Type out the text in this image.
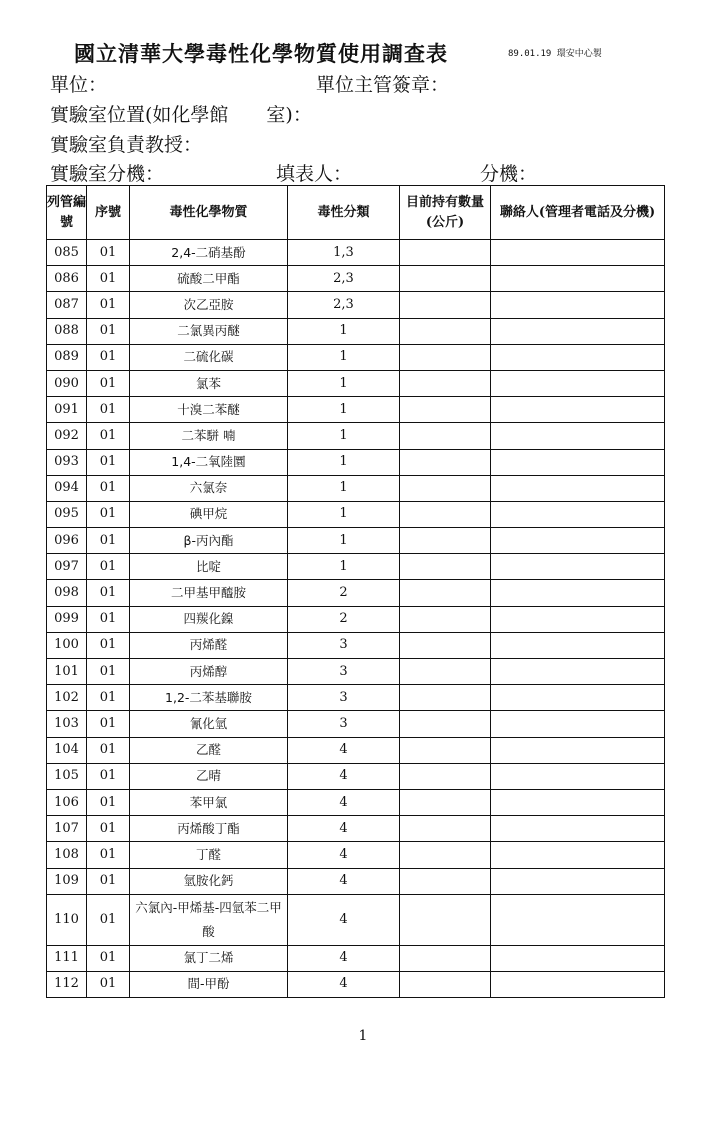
國立清華大學毒性化學物質使用調查表	89.01.19 環安中心製
單位：	單位主管簽章：
實驗室位置(如化學館　　室)：
實驗室負責教授：
實驗室分機：	填表人：	分機：
列管編號	序號	毒性化學物質	毒性分類	目前持有數量(公斤)	聯絡人(管理者電話及分機)
085	01	2,4-二硝基酚	1,3		
086	01	硫酸二甲酯	2,3		
087	01	次乙亞胺	2,3		
088	01	二氯異丙醚	1		
089	01	二硫化碳	1		
090	01	氯苯	1		
091	01	十溴二苯醚	1		
092	01	二苯駢 喃	1		
093	01	1,4-二氧陸圜	1		
094	01	六氯奈	1		
095	01	碘甲烷	1		
096	01	β-丙內酯	1		
097	01	比啶	1		
098	01	二甲基甲醯胺	2		
099	01	四羰化鎳	2		
100	01	丙烯醛	3		
101	01	丙烯醇	3		
102	01	1,2-二苯基聯胺	3		
103	01	氰化氫	3		
104	01	乙醛	4		
105	01	乙晴	4		
106	01	苯甲氯	4		
107	01	丙烯酸丁酯	4		
108	01	丁醛	4		
109	01	氫胺化鈣	4		
110	01	六氯內-甲烯基-四氫苯二甲酸	4		
111	01	氯丁二烯	4		
112	01	間-甲酚	4		
1
